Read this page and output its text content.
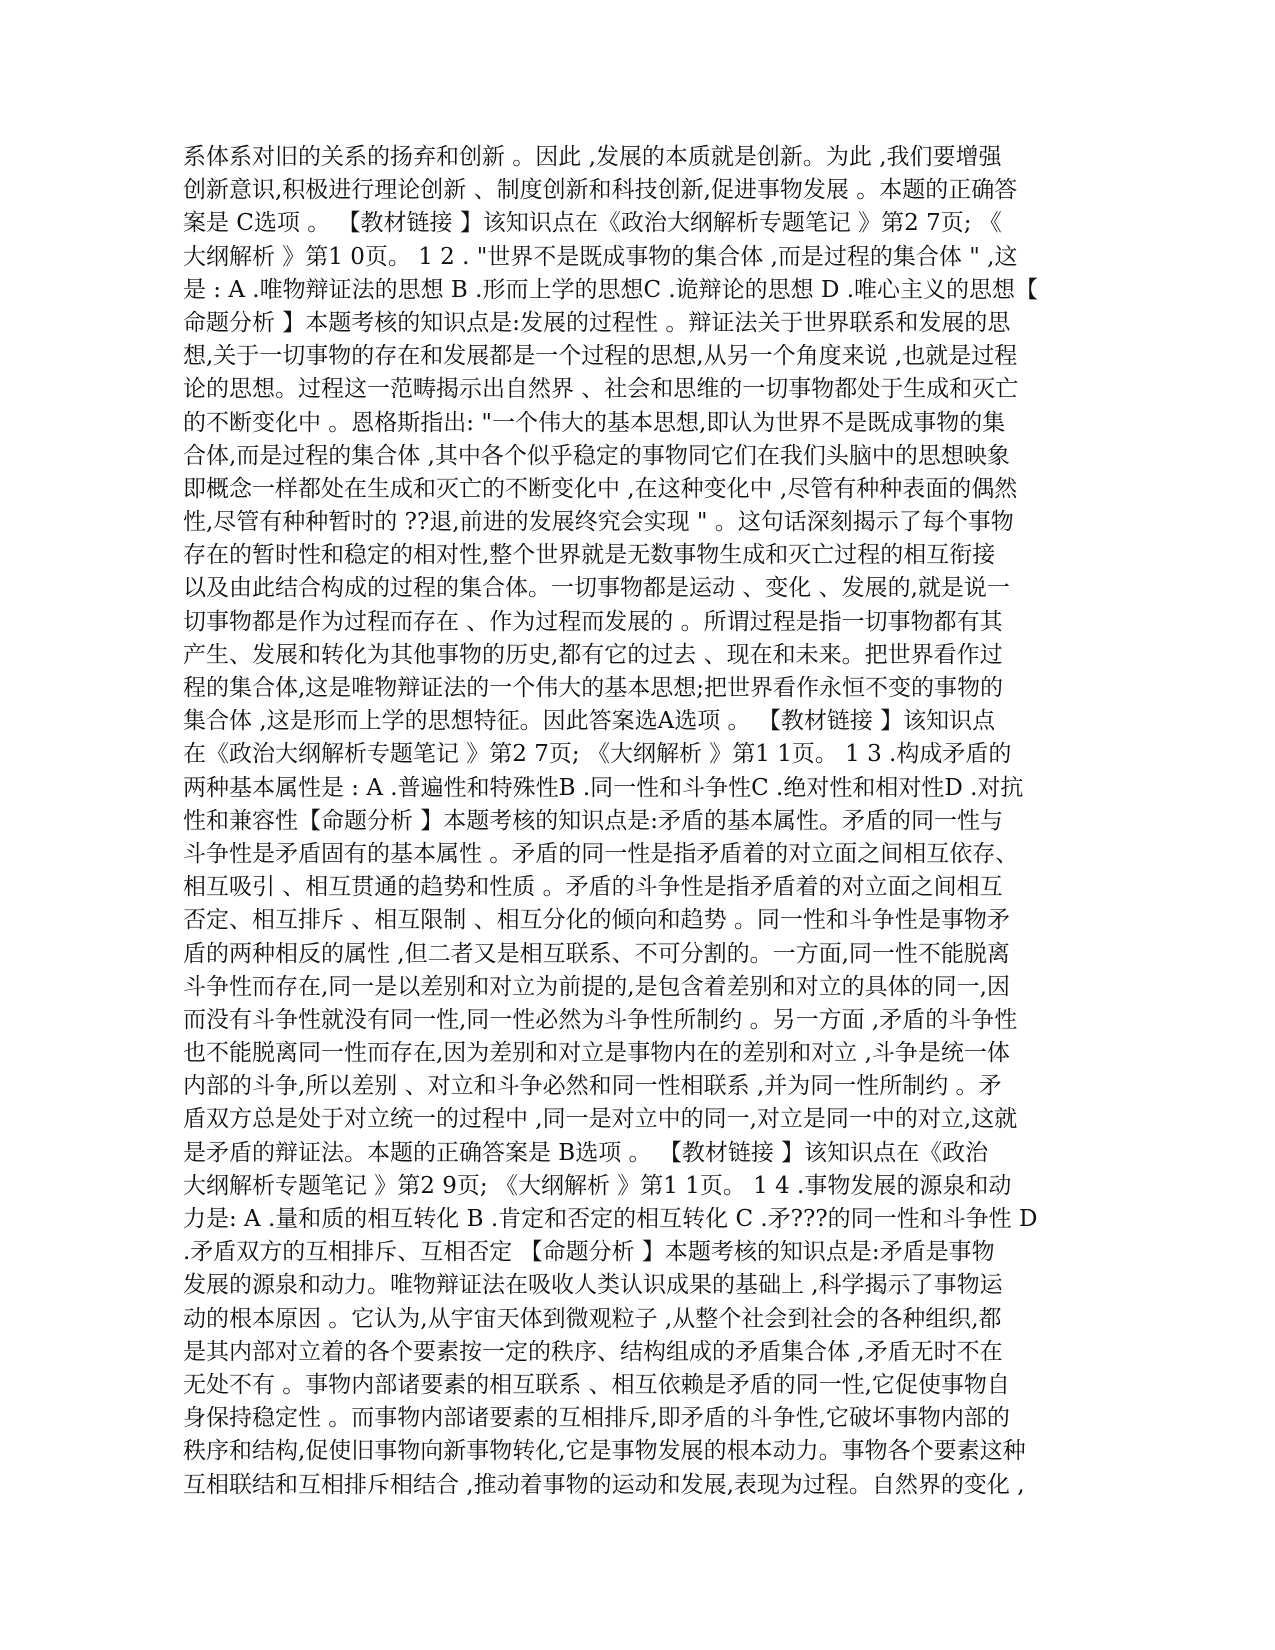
系体系对旧的关系的扬弃和创新 。因此 ,发展的本质就是创新。为此 ,我们要增强
创新意识,积极进行理论创新 、制度创新和科技创新,促进事物发展 。本题的正确答
案是 C选项 。 【教材链接 】该知识点在《政治大纲解析专题笔记 》第2 7页; 《
大纲解析 》第1 0页。 1 2 . "世界不是既成事物的集合体 ,而是过程的集合体 " ,这
是 : A .唯物辩证法的思想 B .形而上学的思想C .诡辩论的思想 D .唯心主义的思想【
命题分析 】本题考核的知识点是:发展的过程性 。辩证法关于世界联系和发展的思
想,关于一切事物的存在和发展都是一个过程的思想,从另一个角度来说 ,也就是过程
论的思想。过程这一范畴揭示出自然界 、社会和思维的一切事物都处于生成和灭亡
的不断变化中 。恩格斯指出: "一个伟大的基本思想,即认为世界不是既成事物的集
合体,而是过程的集合体 ,其中各个似乎稳定的事物同它们在我们头脑中的思想映象
即概念一样都处在生成和灭亡的不断变化中 ,在这种变化中 ,尽管有种种表面的偶然
性,尽管有种种暂时的 ??退,前进的发展终究会实现 " 。这句话深刻揭示了每个事物
存在的暂时性和稳定的相对性,整个世界就是无数事物生成和灭亡过程的相互衔接
以及由此结合构成的过程的集合体。一切事物都是运动 、变化 、发展的,就是说一
切事物都是作为过程而存在 、作为过程而发展的 。所谓过程是指一切事物都有其
产生、发展和转化为其他事物的历史,都有它的过去 、现在和未来。把世界看作过
程的集合体,这是唯物辩证法的一个伟大的基本思想;把世界看作永恒不变的事物的
集合体 ,这是形而上学的思想特征。因此答案选A选项 。 【教材链接 】该知识点
在《政治大纲解析专题笔记 》第2 7页; 《大纲解析 》第1 1页。 1 3 .构成矛盾的
两种基本属性是 : A .普遍性和特殊性B .同一性和斗争性C .绝对性和相对性D .对抗
性和兼容性【命题分析 】本题考核的知识点是:矛盾的基本属性。矛盾的同一性与
斗争性是矛盾固有的基本属性 。矛盾的同一性是指矛盾着的对立面之间相互依存、
相互吸引 、相互贯通的趋势和性质 。矛盾的斗争性是指矛盾着的对立面之间相互
否定、相互排斥 、相互限制 、相互分化的倾向和趋势 。同一性和斗争性是事物矛
盾的两种相反的属性 ,但二者又是相互联系、不可分割的。一方面,同一性不能脱离
斗争性而存在,同一是以差别和对立为前提的,是包含着差别和对立的具体的同一,因
而没有斗争性就没有同一性,同一性必然为斗争性所制约 。另一方面 ,矛盾的斗争性
也不能脱离同一性而存在,因为差别和对立是事物内在的差别和对立 ,斗争是统一体
内部的斗争,所以差别 、对立和斗争必然和同一性相联系 ,并为同一性所制约 。矛
盾双方总是处于对立统一的过程中 ,同一是对立中的同一,对立是同一中的对立,这就
是矛盾的辩证法。本题的正确答案是 B选项 。 【教材链接 】该知识点在《政治
大纲解析专题笔记 》第2 9页; 《大纲解析 》第1 1页。 1 4 .事物发展的源泉和动
力是: A .量和质的相互转化 B .肯定和否定的相互转化 C .矛???的同一性和斗争性 D
.矛盾双方的互相排斥、互相否定 【命题分析 】本题考核的知识点是:矛盾是事物
发展的源泉和动力。唯物辩证法在吸收人类认识成果的基础上 ,科学揭示了事物运
动的根本原因 。它认为,从宇宙天体到微观粒子 ,从整个社会到社会的各种组织,都
是其内部对立着的各个要素按一定的秩序、结构组成的矛盾集合体 ,矛盾无时不在
无处不有 。事物内部诸要素的相互联系 、相互依赖是矛盾的同一性,它促使事物自
身保持稳定性 。而事物内部诸要素的互相排斥,即矛盾的斗争性,它破坏事物内部的
秩序和结构,促使旧事物向新事物转化,它是事物发展的根本动力。事物各个要素这种
互相联结和互相排斥相结合 ,推动着事物的运动和发展,表现为过程。自然界的变化 ,
